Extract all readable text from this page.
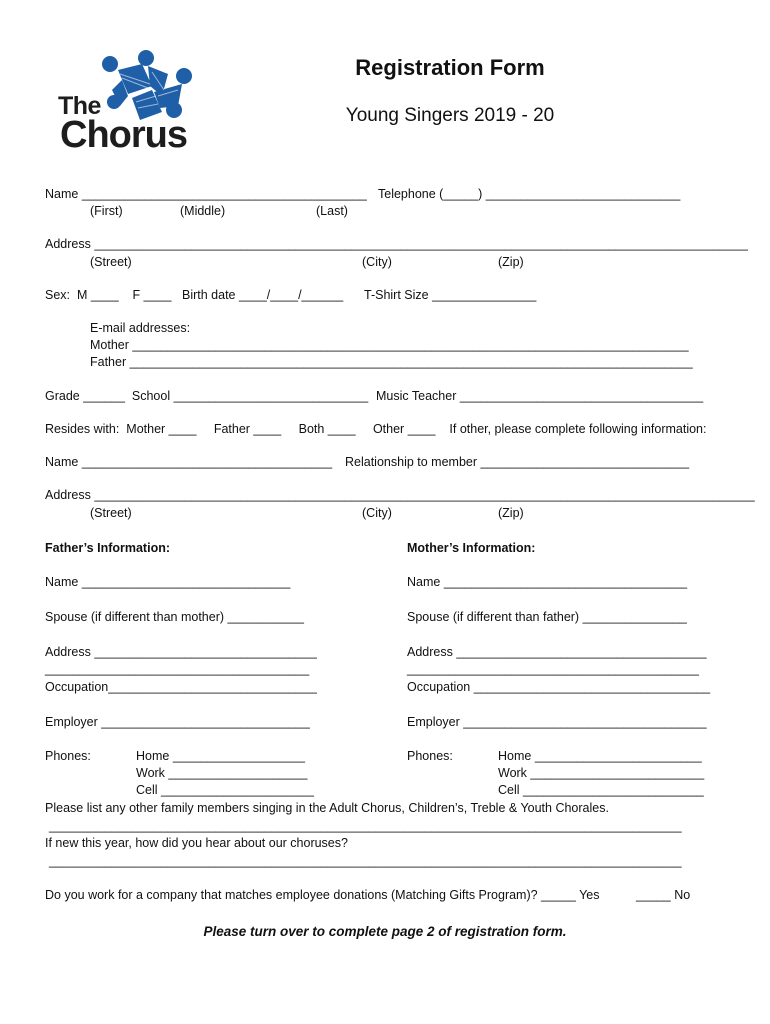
The
Chorus
Registration Form
Young Singers 2019 - 20
Name _________________________________________ Telephone (_____) ____________________________
(First)	(Middle)	(Last)
Address ______________________________________________________________________________________________
(Street)	(City)	(Zip)
Sex:  M ____    F ____ Birth date ____/____/______ T-Shirt Size _______________
E-mail addresses:
Mother ________________________________________________________________________________
Father _________________________________________________________________________________
Grade ______  School ____________________________ Music Teacher ___________________________________
Resides with:  Mother ____     Father ____     Both ____     Other ____    If other, please complete following information:
Name ____________________________________ Relationship to member ______________________________
Address _______________________________________________________________________________________________
(Street)	(City)	(Zip)
Father’s Information:
Name ______________________________
Spouse (if different than mother) ___________
Address ________________________________
______________________________________
Occupation______________________________
Employer ______________________________
Phones:	Home ___________________
Work ____________________
Cell ______________________
Mother’s Information:
Name ___________________________________
Spouse (if different than father) _______________
Address ____________________________________
__________________________________________
Occupation __________________________________
Employer ___________________________________
Phones:	Home ________________________
Work _________________________
Cell __________________________
Please list any other family members singing in the Adult Chorus, Children’s, Treble & Youth Chorales.
___________________________________________________________________________________________
If new this year, how did you hear about our choruses?
___________________________________________________________________________________________
Do you work for a company that matches employee donations (Matching Gifts Program)? _____ Yes	_____ No
Please turn over to complete page 2 of registration form.
